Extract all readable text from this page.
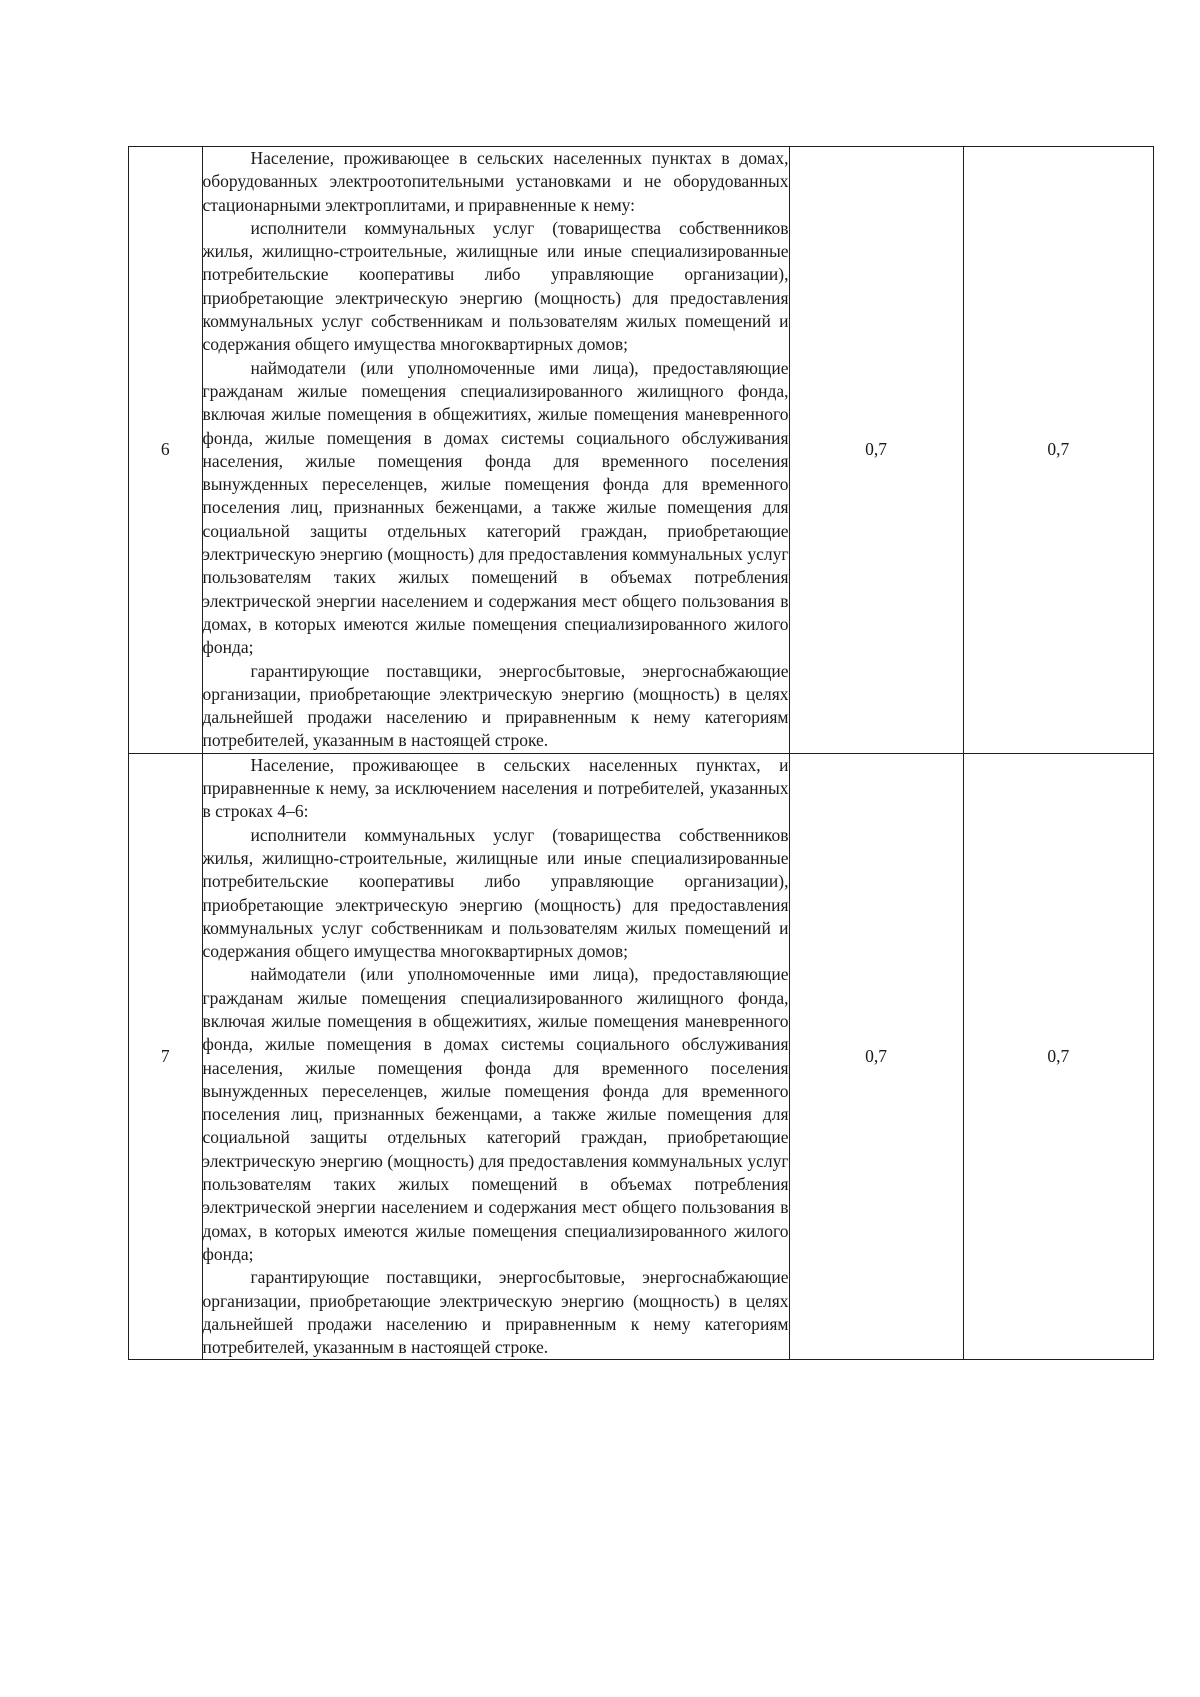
6	Население, проживающее в сельских населенных пунктах в домах, оборудованных электроотопительными установками и не оборудованных стационарными электроплитами, и приравненные к нему:

исполнители коммунальных услуг (товарищества собственников жилья, жилищно-строительные, жилищные или иные специализированные потребительские кооперативы либо управляющие организации), приобретающие электрическую энергию (мощность) для предоставления коммунальных услуг собственникам и пользователям жилых помещений и содержания общего имущества многоквартирных домов;

наймодатели (или уполномоченные ими лица), предоставляющие гражданам жилые помещения специализированного жилищного фонда, включая жилые помещения в общежитиях, жилые помещения маневренного фонда, жилые помещения в домах системы социального обслуживания населения, жилые помещения фонда для временного поселения вынужденных переселенцев, жилые помещения фонда для временного поселения лиц, признанных беженцами, а также жилые помещения для социальной защиты отдельных категорий граждан, приобретающие электрическую энергию (мощность) для предоставления коммунальных услуг пользователям таких жилых помещений в объемах потребления электрической энергии населением и содержания мест общего пользования в домах, в которых имеются жилые помещения специализированного жилого фонда;

гарантирующие поставщики, энергосбытовые, энергоснабжающие организации, приобретающие электрическую энергию (мощность) в целях дальнейшей продажи населению и приравненным к нему категориям потребителей, указанным в настоящей строке.	0,7	0,7
7	Население, проживающее в сельских населенных пунктах, и приравненные к нему, за исключением населения и потребителей, указанных в строках 4–6:

исполнители коммунальных услуг (товарищества собственников жилья, жилищно-строительные, жилищные или иные специализированные потребительские кооперативы либо управляющие организации), приобретающие электрическую энергию (мощность) для предоставления коммунальных услуг собственникам и пользователям жилых помещений и содержания общего имущества многоквартирных домов;

наймодатели (или уполномоченные ими лица), предоставляющие гражданам жилые помещения специализированного жилищного фонда, включая жилые помещения в общежитиях, жилые помещения маневренного фонда, жилые помещения в домах системы социального обслуживания населения, жилые помещения фонда для временного поселения вынужденных переселенцев, жилые помещения фонда для временного поселения лиц, признанных беженцами, а также жилые помещения для социальной защиты отдельных категорий граждан, приобретающие электрическую энергию (мощность) для предоставления коммунальных услуг пользователям таких жилых помещений в объемах потребления электрической энергии населением и содержания мест общего пользования в домах, в которых имеются жилые помещения специализированного жилого фонда;

гарантирующие поставщики, энергосбытовые, энергоснабжающие организации, приобретающие электрическую энергию (мощность) в целях дальнейшей продажи населению и приравненным к нему категориям потребителей, указанным в настоящей строке.	0,7	0,7
